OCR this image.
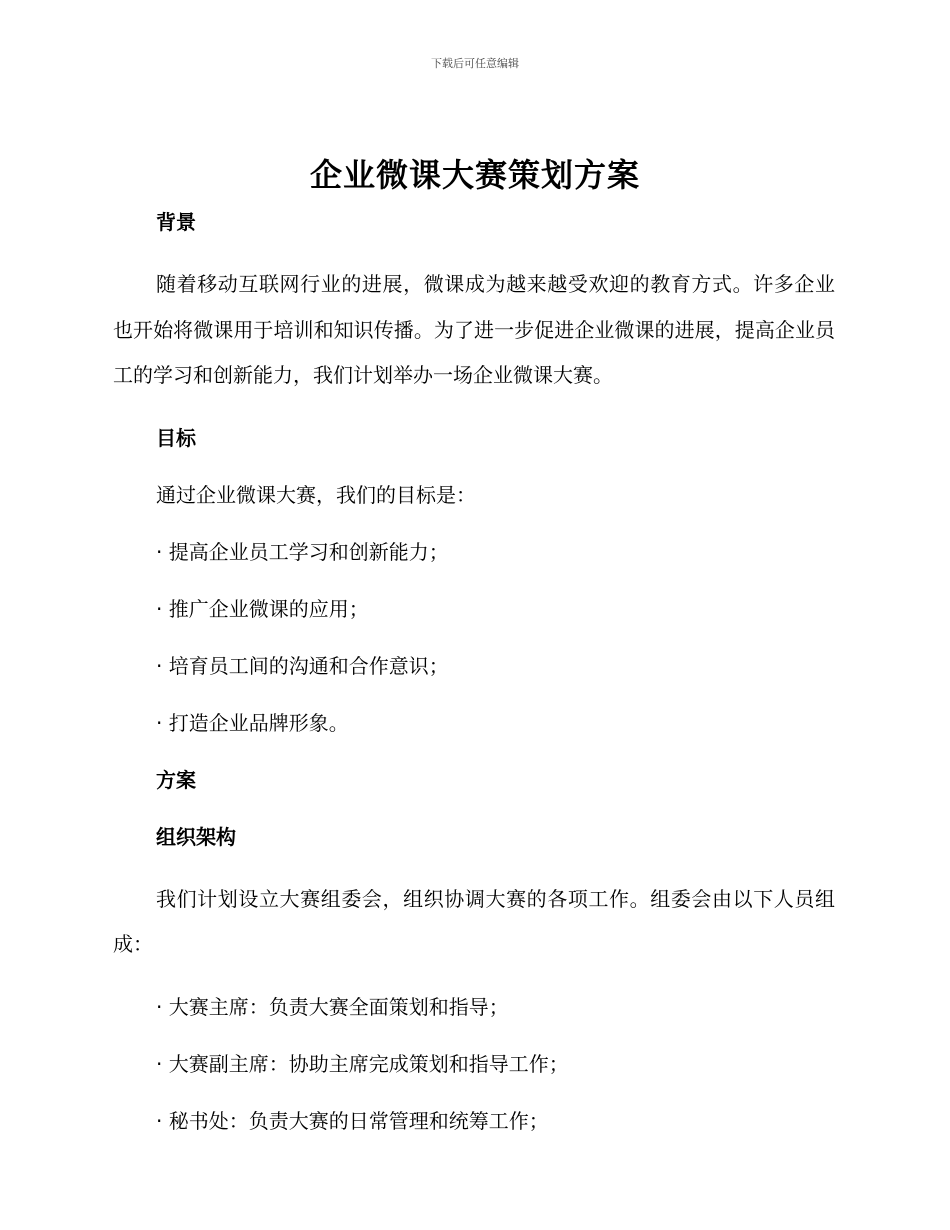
下载后可任意编辑
企业微课大赛策划方案
背景

随着移动互联网行业的进展，微课成为越来越受欢迎的教育方式。许多企业也开始将微课用于培训和知识传播。为了进一步促进企业微课的进展，提高企业员工的学习和创新能力，我们计划举办一场企业微课大赛。

目标
通过企业微课大赛，我们的目标是：
· 提高企业员工学习和创新能力；
· 推广企业微课的应用；
· 培育员工间的沟通和合作意识；
· 打造企业品牌形象。
方案
组织架构

我们计划设立大赛组委会，组织协调大赛的各项工作。组委会由以下人员组成：

· 大赛主席：负责大赛全面策划和指导；
· 大赛副主席：协助主席完成策划和指导工作；
· 秘书处：负责大赛的日常管理和统筹工作；
